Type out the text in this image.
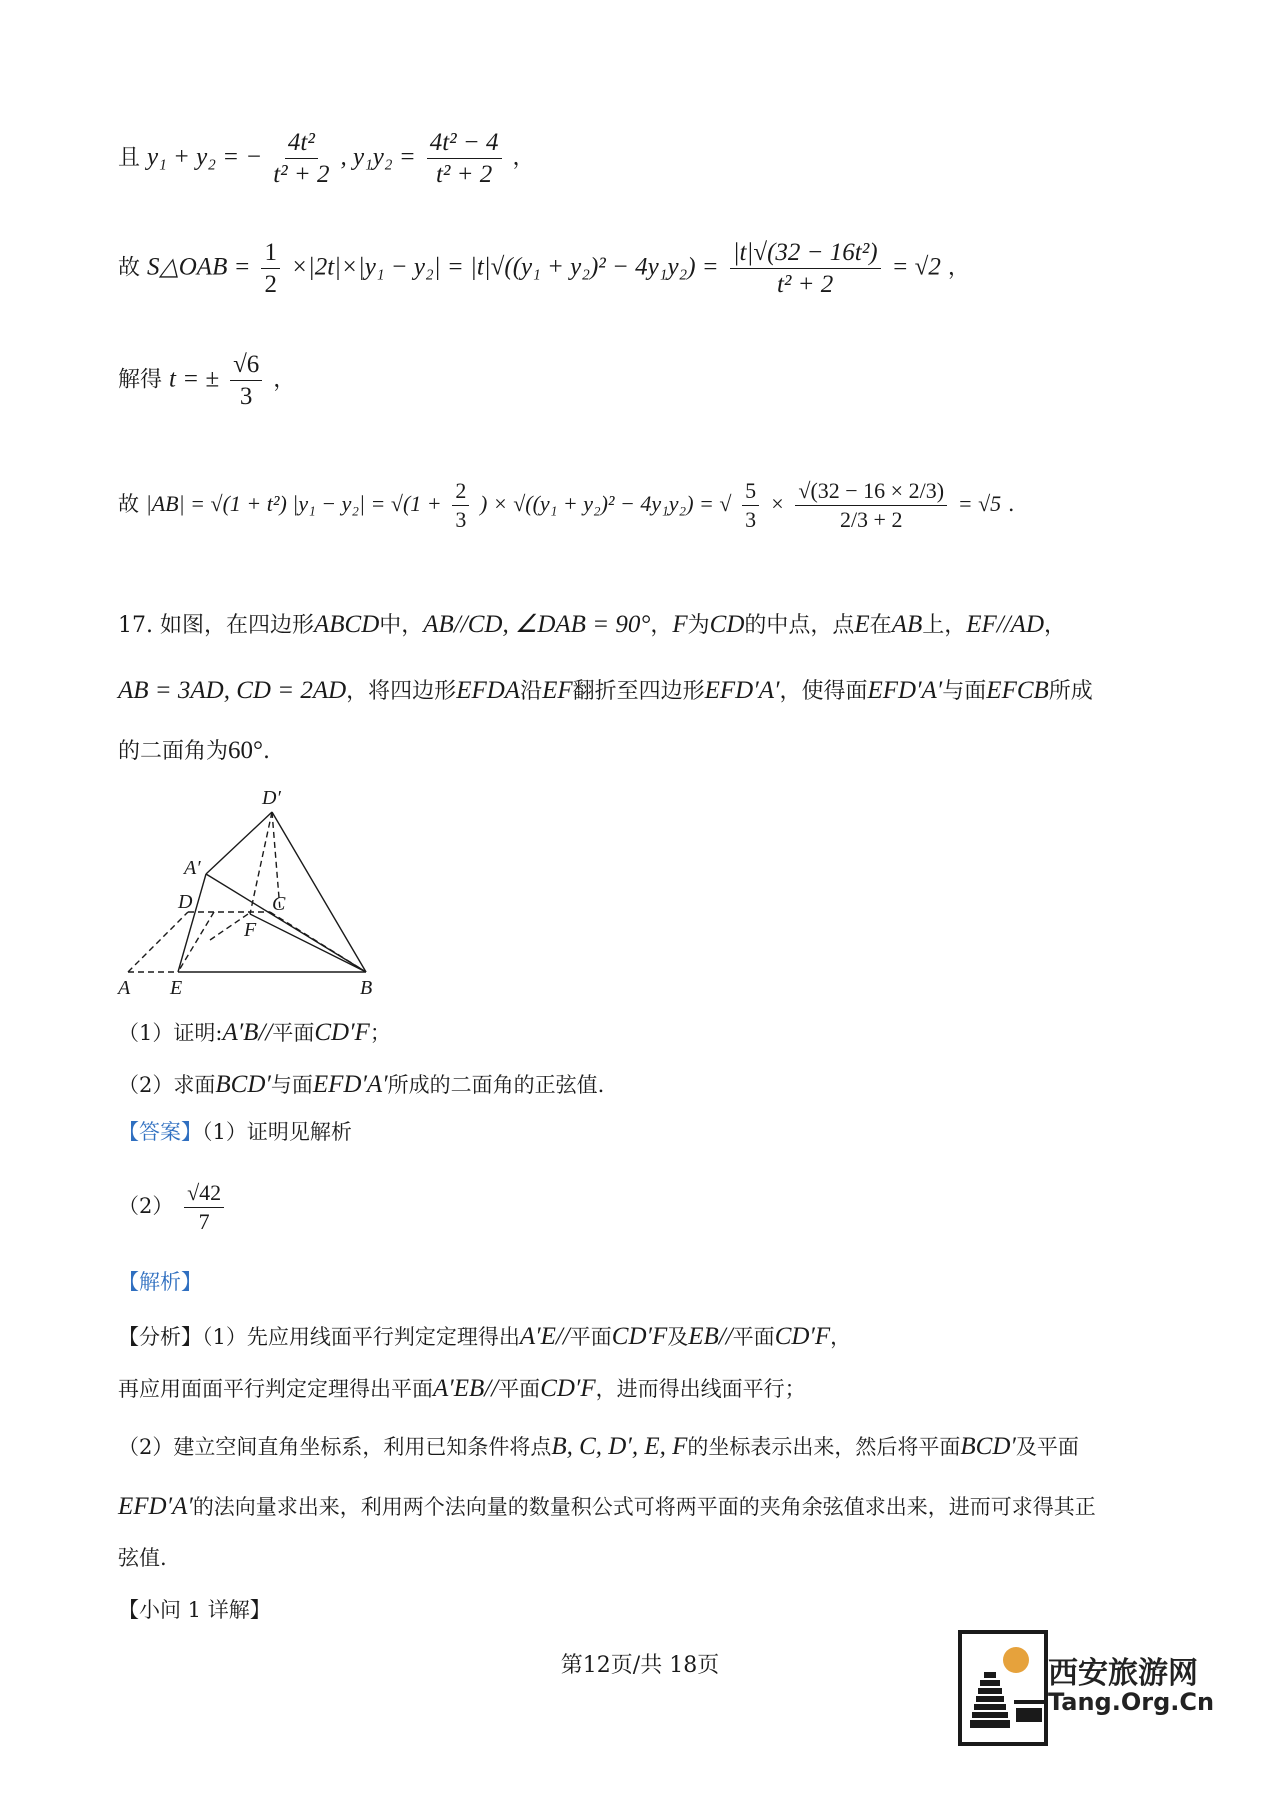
且 y₁ + y₂ = − $\frac{\text{4t²}}{\text{t² + 2}}$ , $y_1y_2 = \frac{\text{4t² − 4}}{\text{t² + 2}}$ ，
故 S△OAB = $\frac{1}{2} \times|2t|\times|y_1 - y_2| = |t|√((y_1 + y_2)^2 - 4y_1y_2) = \frac{\text{|t|√(32 − 16t²)}}{\text{t² + 2}} = √2$ ，
解得 t = ± $\frac{√6}{3}$ ，
故 |AB| = √(1 + t²) $|y_1 - y_2| = √(1 + \frac{2}{3}$ ) × √((y₁ + y₂)² − 4y₁y₂) = √ $\frac{5}{3} \times \frac{√(32 - 16 \times 2/3)}{2/3 + 2} = √5$ .
17. 如图，在四边形ABCD中，AB//CD, ∠DAB = 90°，F为CD的中点，点E在AB上，EF//AD，
AB = 3AD, CD = 2AD，将四边形EFDA沿EF翻折至四边形EFD′A′，使得面EFD′A′与面EFCB所成
的二面角为60°.
D′
A′
D	C
F
A E	B
（1）证明:A′B//平面CD′F；
（2）求面BCD′与面EFD′A′所成的二面角的正弦值.
【答案】（1）证明见解析
$(2) \frac{√42}{7}$
【解析】
【分析】（1）先应用线面平行判定定理得出A′E//平面CD′F及EB//平面CD′F，
再应用面面平行判定定理得出平面A′EB//平面CD′F，进而得出线面平行；
（2）建立空间直角坐标系，利用已知条件将点B, C, D′, E, F的坐标表示出来，然后将平面BCD′及平面
EFD′A′的法向量求出来，利用两个法向量的数量积公式可将两平面的夹角余弦值求出来，进而可求得其正
弦值.
【小问 1 详解】
第12页/共 18页	西安旅游网
Tang.Org.Cn
